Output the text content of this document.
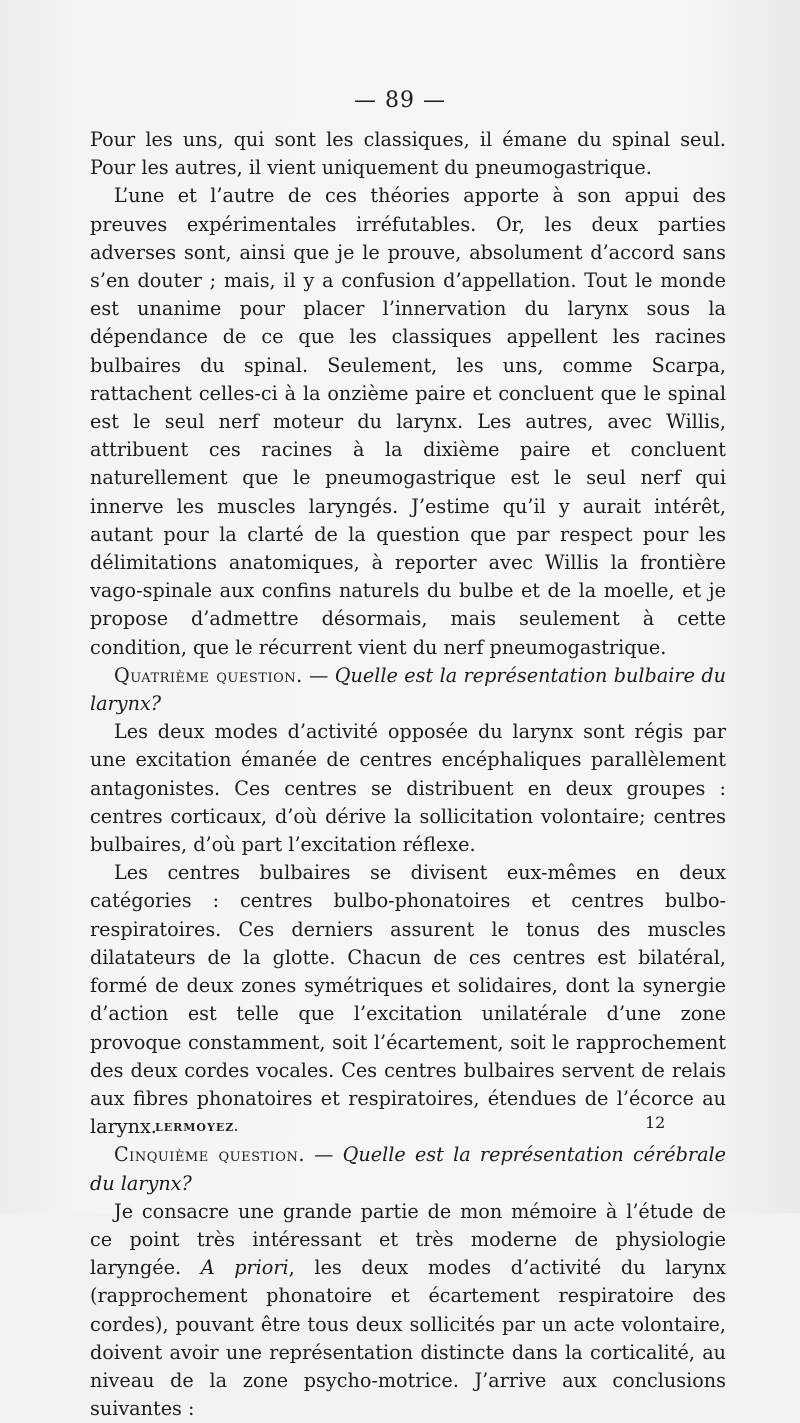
— 89 —

Pour les uns, qui sont les classiques, il émane du spinal seul. Pour les autres, il vient uniquement du pneumogastrique.

L’une et l’autre de ces théories apporte à son appui des preuves expérimentales irréfutables. Or, les deux parties adverses sont, ainsi que je le prouve, absolument d’accord sans s’en douter ; mais, il y a confusion d’appellation. Tout le monde est unanime pour placer l’innervation du larynx sous la dépendance de ce que les classiques appellent les racines bulbaires du spinal. Seulement, les uns, comme Scarpa, rattachent celles-ci à la onzième paire et concluent que le spinal est le seul nerf moteur du larynx. Les autres, avec Willis, attribuent ces racines à la dixième paire et concluent naturellement que le pneumogastrique est le seul nerf qui innerve les muscles laryngés. J’estime qu’il y aurait intérêt, autant pour la clarté de la question que par respect pour les délimitations anatomiques, à reporter avec Willis la frontière vago-spinale aux confins naturels du bulbe et de la moelle, et je propose d’admettre désormais, mais seulement à cette condition, que le récurrent vient du nerf pneumogastrique.

Quatrième question. — Quelle est la représentation bulbaire du larynx?

Les deux modes d’activité opposée du larynx sont régis par une excitation émanée de centres encéphaliques parallèlement antagonistes. Ces centres se distribuent en deux groupes : centres corticaux, d’où dérive la sollicitation volontaire; centres bulbaires, d’où part l’excitation réflexe.

Les centres bulbaires se divisent eux-mêmes en deux catégories : centres bulbo-phonatoires et centres bulbo-respiratoires. Ces derniers assurent le tonus des muscles dilatateurs de la glotte. Chacun de ces centres est bilatéral, formé de deux zones symétriques et solidaires, dont la synergie d’action est telle que l’excitation unilatérale d’une zone provoque constamment, soit l’écartement, soit le rapprochement des deux cordes vocales. Ces centres bulbaires servent de relais aux fibres phonatoires et respiratoires, étendues de l’écorce au larynx.

Cinquième question. — Quelle est la représentation cérébrale du larynx?

Je consacre une grande partie de mon mémoire à l’étude de ce point très intéressant et très moderne de physiologie laryngée. A priori, les deux modes d’activité du larynx (rapprochement phonatoire et écartement respiratoire des cordes), pouvant être tous deux sollicités par un acte volontaire, doivent avoir une représentation distincte dans la corticalité, au niveau de la zone psycho-motrice. J’arrive aux conclusions suivantes :

LERMOYEZ.	12
